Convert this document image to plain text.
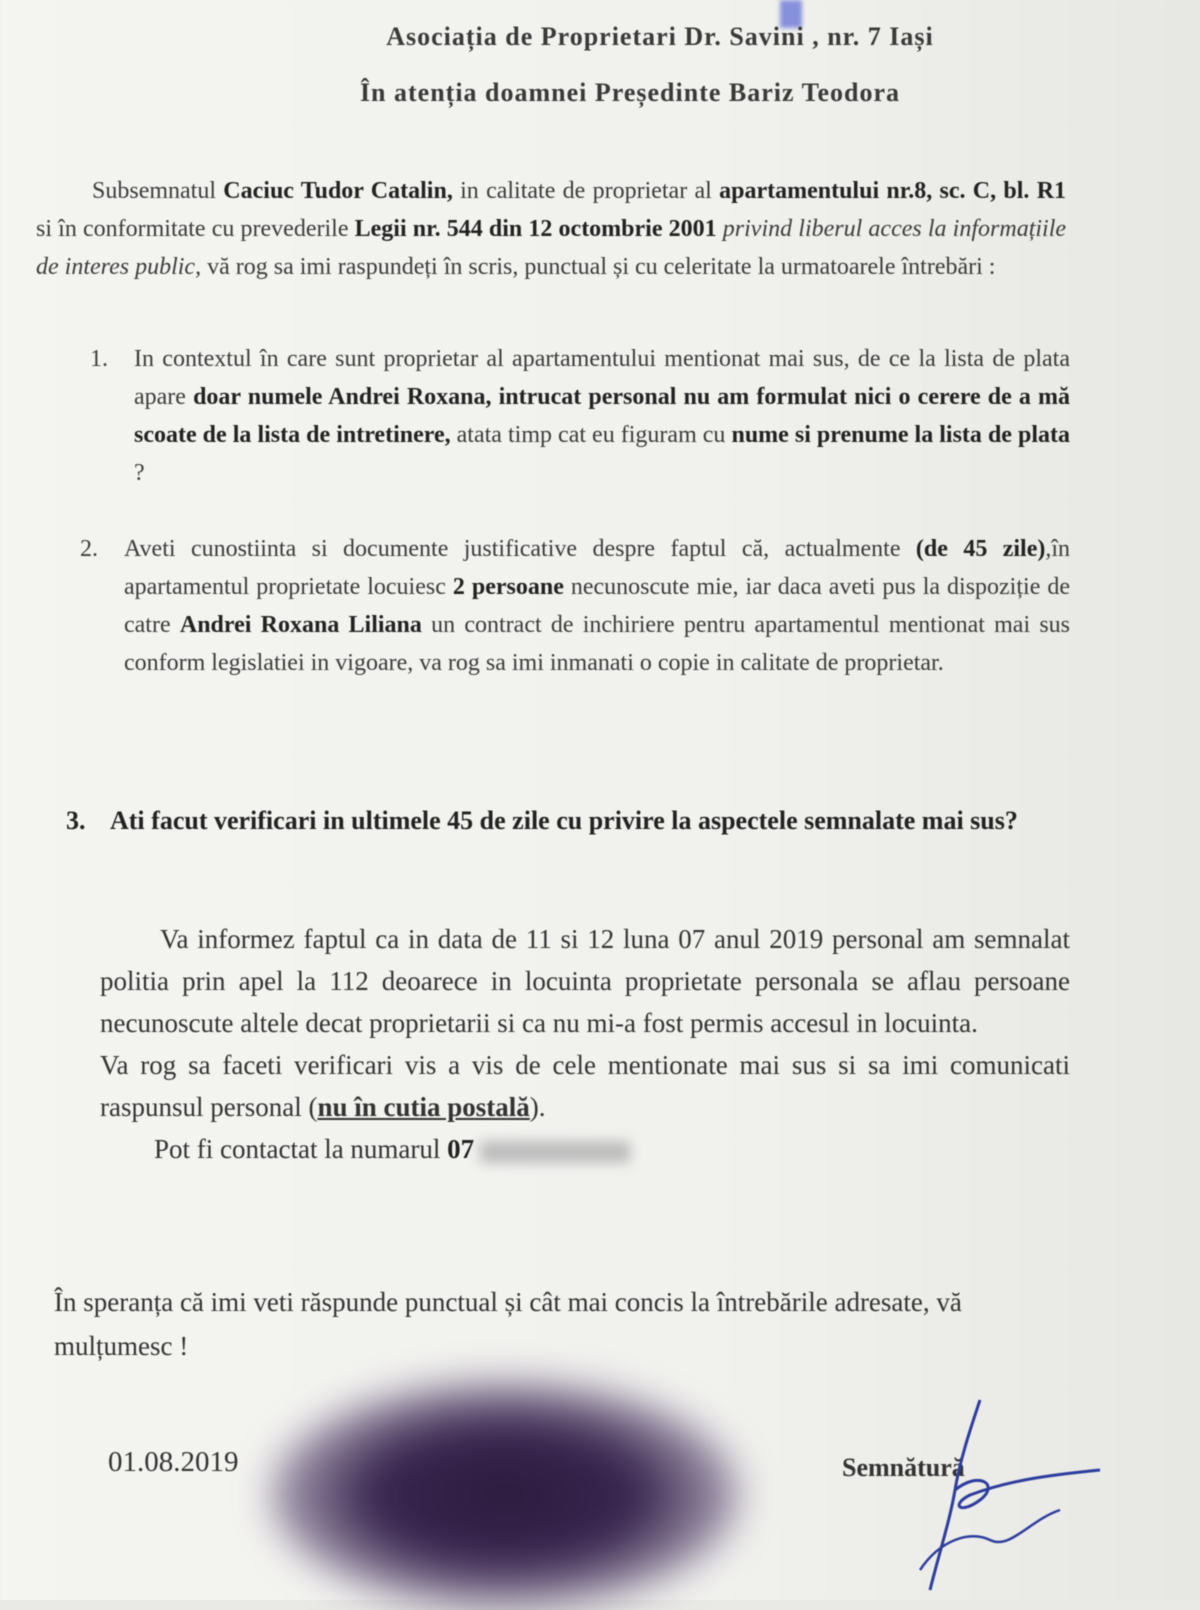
Asociația de Proprietari Dr. Savini , nr. 7 Iași
În atenția doamnei Președinte Bariz Teodora
Subsemnatul Caciuc Tudor Catalin, in calitate de proprietar al apartamentului nr.8, sc. C, bl. R1 si în conformitate cu prevederile Legii nr. 544 din 12 octombrie 2001 privind liberul acces la informațiile de interes public, vă rog sa imi raspundeți în scris, punctual și cu celeritate la urmatoarele întrebări :
1. In contextul în care sunt proprietar al apartamentului mentionat mai sus, de ce la lista de plata apare doar numele Andrei Roxana, intrucat personal nu am formulat nici o cerere de a mă scoate de la lista de intretinere, atata timp cat eu figuram cu nume si prenume la lista de plata ?
2. Aveti cunostiinta si documente justificative despre faptul că, actualmente (de 45 zile),în apartamentul proprietate locuiesc 2 persoane necunoscute mie, iar daca aveti pus la dispoziție de catre Andrei Roxana Liliana un contract de inchiriere pentru apartamentul mentionat mai sus conform legislatiei in vigoare, va rog sa imi inmanati o copie in calitate de proprietar.
3. Ati facut verificari in ultimele 45 de zile cu privire la aspectele semnalate mai sus?

Va informez faptul ca in data de 11 si 12 luna 07 anul 2019 personal am semnalat politia prin apel la 112 deoarece in locuinta proprietate personala se aflau persoane necunoscute altele decat proprietarii si ca nu mi-a fost permis accesul in locuinta.

Va rog sa faceti verificari vis a vis de cele mentionate mai sus si sa imi comunicati raspunsul personal (nu în cutia postală).

Pot fi contactat la numarul 07

În speranța că imi veti răspunde punctual și cât mai concis la întrebările adresate, vă mulțumesc !
01.08.2019	Semnătură
